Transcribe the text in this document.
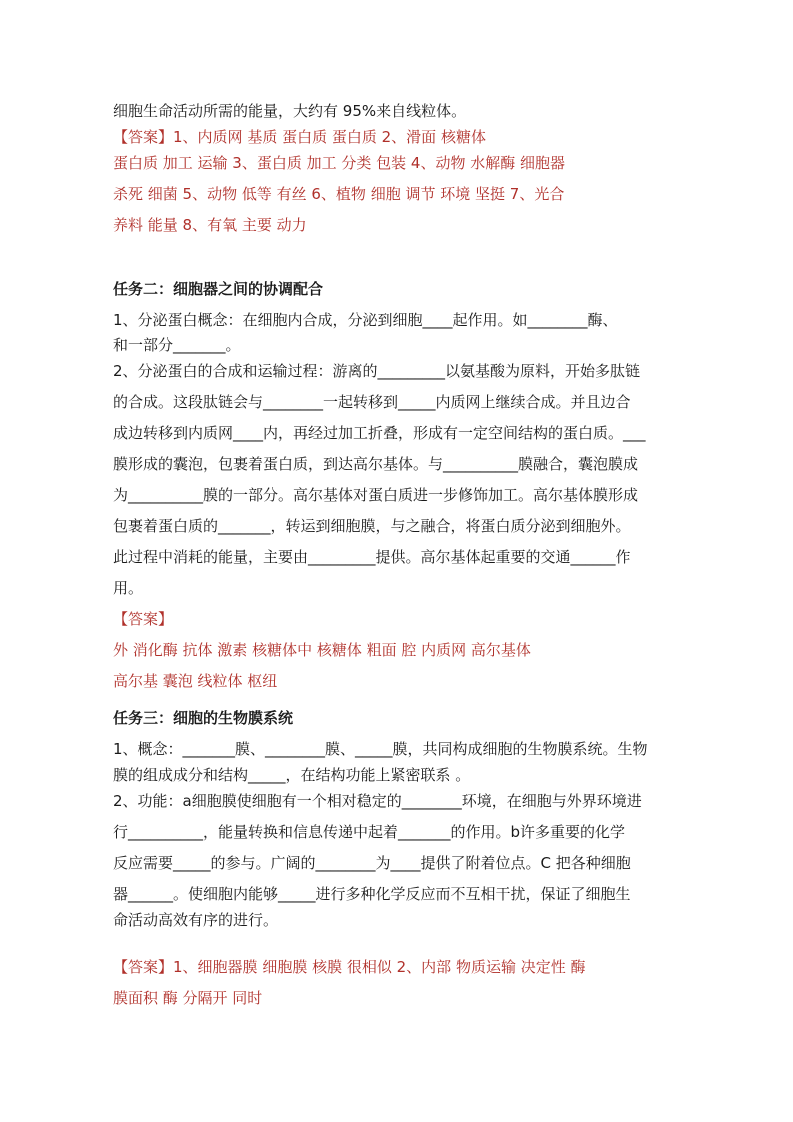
细胞生命活动所需的能量，大约有 95%来自线粒体。
【答案】1、内质网 基质 蛋白质 蛋白质 2、滑面 核糖体
蛋白质 加工 运输 3、蛋白质 加工 分类 包装 4、动物 水解酶 细胞器
杀死 细菌 5、动物 低等 有丝 6、植物 细胞 调节 环境 坚挺 7、光合
养料 能量 8、有氧 主要 动力
任务二：细胞器之间的协调配合
1、分泌蛋白概念：在细胞内合成，分泌到细胞____起作用。如________酶、
和一部分_______。
2、分泌蛋白的合成和运输过程：游离的_________以氨基酸为原料，开始多肽链
的合成。这段肽链会与________一起转移到_____内质网上继续合成。并且边合
成边转移到内质网____内，再经过加工折叠，形成有一定空间结构的蛋白质。___
膜形成的囊泡，包裹着蛋白质，到达高尔基体。与__________膜融合，囊泡膜成
为__________膜的一部分。高尔基体对蛋白质进一步修饰加工。高尔基体膜形成
包裹着蛋白质的_______，转运到细胞膜，与之融合，将蛋白质分泌到细胞外。
此过程中消耗的能量，主要由_________提供。高尔基体起重要的交通______作
用。
【答案】
外 消化酶 抗体 激素 核糖体中 核糖体 粗面 腔 内质网 高尔基体
高尔基 囊泡 线粒体 枢纽
任务三：细胞的生物膜系统
1、概念：_______膜、________膜、_____膜，共同构成细胞的生物膜系统。生物
膜的组成成分和结构_____，在结构功能上紧密联系 。
2、功能：a细胞膜使细胞有一个相对稳定的________环境，在细胞与外界环境进
行__________，能量转换和信息传递中起着_______的作用。b许多重要的化学
反应需要_____的参与。广阔的________为____提供了附着位点。C 把各种细胞
器______。使细胞内能够_____进行多种化学反应而不互相干扰，保证了细胞生
命活动高效有序的进行。
【答案】1、细胞器膜 细胞膜 核膜 很相似 2、内部 物质运输 决定性 酶
膜面积 酶 分隔开 同时
